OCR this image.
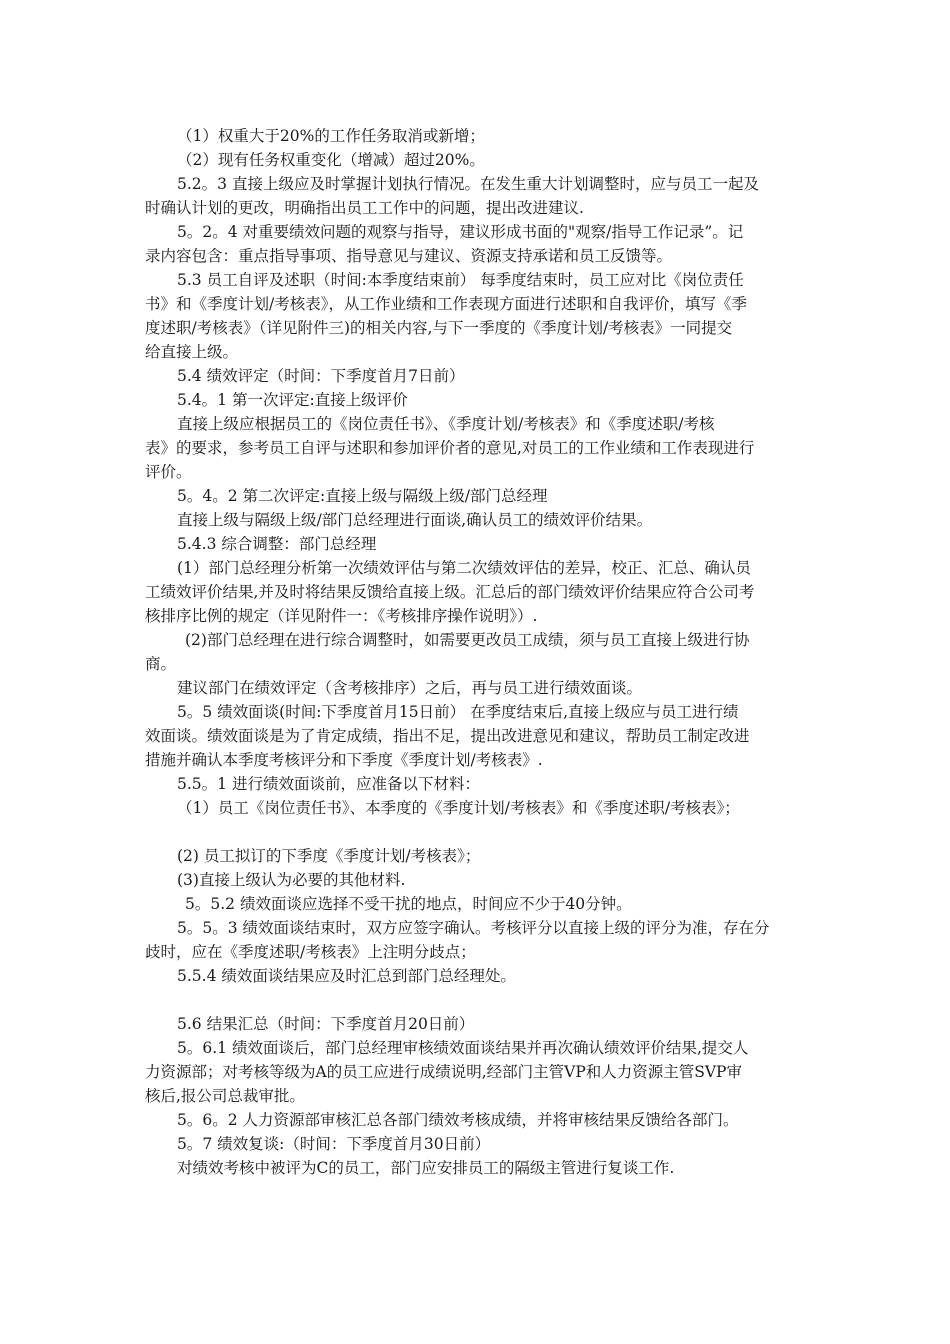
（1）权重大于20%的工作任务取消或新增；
（2）现有任务权重变化（增减）超过20%。
5.2。3 直接上级应及时掌握计划执行情况。在发生重大计划调整时，应与员工一起及
时确认计划的更改，明确指出员工工作中的问题，提出改进建议.
5。2。4 对重要绩效问题的观察与指导，建议形成书面的"观察/指导工作记录”。记
录内容包含：重点指导事项、指导意见与建议、资源支持承诺和员工反馈等。
5.3 员工自评及述职（时间:本季度结束前） 每季度结束时，员工应对比《岗位责任
书》和《季度计划/考核表》，从工作业绩和工作表现方面进行述职和自我评价，填写《季
度述职/考核表》（详见附件三)的相关内容,与下一季度的《季度计划/考核表》一同提交
给直接上级。
5.4 绩效评定（时间：下季度首月7日前）
5.4。1 第一次评定:直接上级评价
直接上级应根据员工的《岗位责任书》、《季度计划/考核表》和《季度述职/考核
表》的要求，参考员工自评与述职和参加评价者的意见,对员工的工作业绩和工作表现进行
评价。
5。4。2 第二次评定:直接上级与隔级上级/部门总经理
直接上级与隔级上级/部门总经理进行面谈,确认员工的绩效评价结果。
5.4.3 综合调整：部门总经理
(1）部门总经理分析第一次绩效评估与第二次绩效评估的差异，校正、汇总、确认员
工绩效评价结果,并及时将结果反馈给直接上级。汇总后的部门绩效评价结果应符合公司考
核排序比例的规定（详见附件一：《考核排序操作说明》）.
(2)部门总经理在进行综合调整时，如需要更改员工成绩，须与员工直接上级进行协
商。
建议部门在绩效评定（含考核排序）之后，再与员工进行绩效面谈。
5。5 绩效面谈(时间:下季度首月15日前） 在季度结束后,直接上级应与员工进行绩
效面谈。绩效面谈是为了肯定成绩，指出不足，提出改进意见和建议，帮助员工制定改进
措施并确认本季度考核评分和下季度《季度计划/考核表》.
5.5。1 进行绩效面谈前，应准备以下材料：
（1）员工《岗位责任书》、本季度的《季度计划/考核表》和《季度述职/考核表》；
(2) 员工拟订的下季度《季度计划/考核表》；
(3)直接上级认为必要的其他材料.
5。5.2 绩效面谈应选择不受干扰的地点，时间应不少于40分钟。
5。5。3 绩效面谈结束时，双方应签字确认。考核评分以直接上级的评分为准，存在分
歧时，应在《季度述职/考核表》上注明分歧点；
5.5.4 绩效面谈结果应及时汇总到部门总经理处。
5.6 结果汇总（时间：下季度首月20日前）
5。6.1 绩效面谈后，部门总经理审核绩效面谈结果并再次确认绩效评价结果,提交人
力资源部；对考核等级为A的员工应进行成绩说明,经部门主管VP和人力资源主管SVP审
核后,报公司总裁审批。
5。6。2 人力资源部审核汇总各部门绩效考核成绩，并将审核结果反馈给各部门。
5。7 绩效复谈:（时间：下季度首月30日前）
对绩效考核中被评为C的员工，部门应安排员工的隔级主管进行复谈工作.
